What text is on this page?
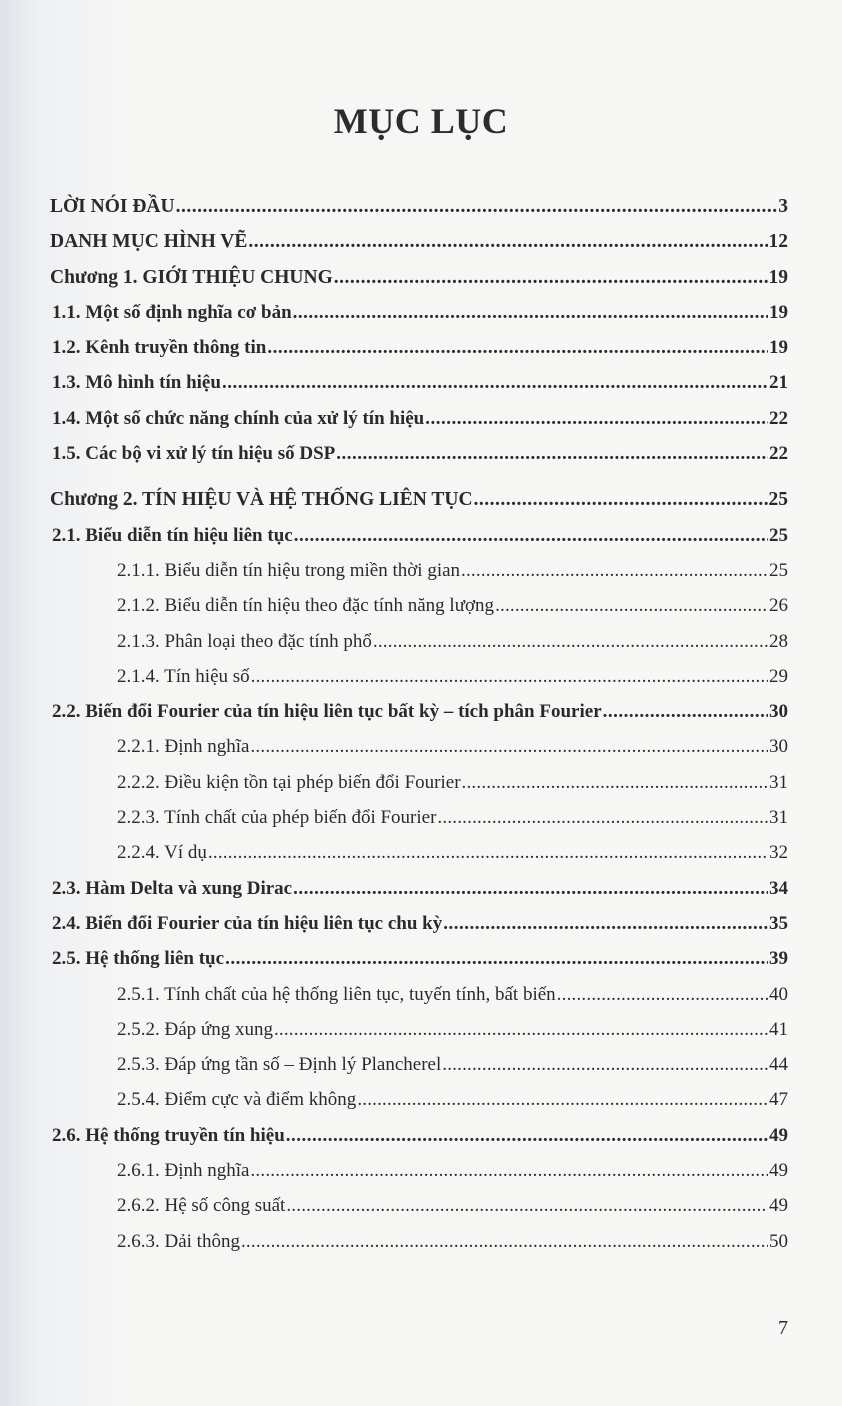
MỤC LỤC
LỜI NÓI ĐẦU .....	3
DANH MỤC HÌNH VẼ .....	12
Chương 1. GIỚI THIỆU CHUNG .....	19
1.1. Một số định nghĩa cơ bản .....	19
1.2. Kênh truyền thông tin .....	19
1.3. Mô hình tín hiệu .....	21
1.4. Một số chức năng chính của xử lý tín hiệu .....	22
1.5. Các bộ vi xử lý tín hiệu số DSP .....	22
Chương 2. TÍN HIỆU VÀ HỆ THỐNG LIÊN TỤC .....	25
2.1. Biểu diễn tín hiệu liên tục .....	25
2.1.1. Biểu diễn tín hiệu trong miền thời gian .....	25
2.1.2. Biểu diễn tín hiệu theo đặc tính năng lượng .....	26
2.1.3. Phân loại theo đặc tính phổ .....	28
2.1.4. Tín hiệu số .....	29
2.2. Biến đổi Fourier của tín hiệu liên tục bất kỳ – tích phân Fourier .....	30
2.2.1. Định nghĩa .....	30
2.2.2. Điều kiện tồn tại phép biến đổi Fourier .....	31
2.2.3. Tính chất của phép biến đổi Fourier .....	31
2.2.4. Ví dụ .....	32
2.3. Hàm Delta và xung Dirac .....	34
2.4. Biến đổi Fourier của tín hiệu liên tục chu kỳ .....	35
2.5. Hệ thống liên tục .....	39
2.5.1. Tính chất của hệ thống liên tục, tuyến tính, bất biến .....	40
2.5.2. Đáp ứng xung .....	41
2.5.3. Đáp ứng tần số – Định lý Plancherel .....	44
2.5.4. Điểm cực và điểm không .....	47
2.6. Hệ thống truyền tín hiệu .....	49
2.6.1. Định nghĩa .....	49
2.6.2. Hệ số công suất .....	49
2.6.3. Dải thông .....	50
7
